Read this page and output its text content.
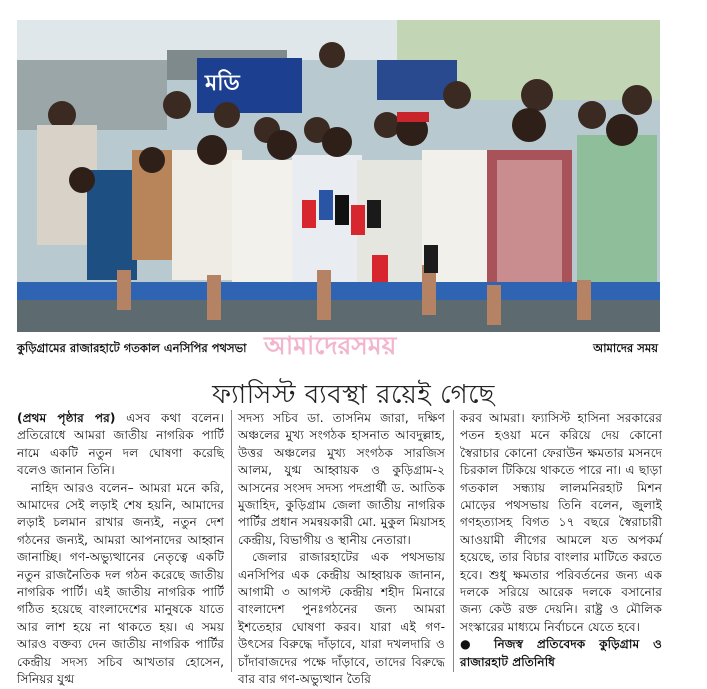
মডি
কুড়িগ্রামের রাজারহাটে গতকাল এনসিপির পথসভা	আমাদের সময়
আমাদেরসময়
ফ্যাসিস্ট ব্যবস্থা রয়েই গেছে

(প্রথম পৃষ্ঠার পর) এসব কথা বলেন। প্রতিরোধে আমরা জাতীয় নাগরিক পার্টি নামে একটি নতুন দল ঘোষণা করেছি বলেও জানান তিনি।

নাহিদ আরও বলেন– আমরা মনে করি, আমাদের সেই লড়াই শেষ হয়নি, আমাদের লড়াই চলমান রাখার জন্যই, নতুন দেশ গঠনের জন্যই, আমরা আপনাদের আহ্বান জানাচ্ছি। গণ-অভ্যুত্থানের নেতৃত্বে একটি নতুন রাজনৈতিক দল গঠন করেছে জাতীয় নাগরিক পার্টি। এই জাতীয় নাগরিক পার্টি গঠিত হয়েছে বাংলাদেশের মানুষকে যাতে আর লাশ হয়ে না থাকতে হয়। এ সময় আরও বক্তব্য দেন জাতীয় নাগরিক পার্টির কেন্দ্রীয় সদস্য সচিব আখতার হোসেন, সিনিয়র যুগ্ম

সদস্য সচিব ডা. তাসনিম জারা, দক্ষিণ অঞ্চলের মুখ্য সংগঠক হাসনাত আবদুল্লাহ, উত্তর অঞ্চলের মুখ্য সংগঠক সারজিস আলম, যুগ্ম আহ্বায়ক ও কুড়িগ্রাম-২ আসনের সংসদ সদস্য পদপ্রার্থী ড. আতিক মুজাহিদ, কুড়িগ্রাম জেলা জাতীয় নাগরিক পার্টির প্রধান সমন্বয়কারী মো. মুকুল মিয়াসহ কেন্দ্রীয়, বিভাগীয় ও স্থানীয় নেতারা।

জেলার রাজারহাটের এক পথসভায় এনসিপির এক কেন্দ্রীয় আহ্বায়ক জানান, আগামী ৩ আগস্ট কেন্দ্রীয় শহীদ মিনারে বাংলাদেশ পুনঃগঠনের জন্য আমরা ইশতেহার ঘোষণা করব। যারা এই গণ-উৎসের বিরুদ্ধে দাঁড়াবে, যারা দখলদারি ও চাঁদাবাজদের পক্ষে দাঁড়াবে, তাদের বিরুদ্ধে বার বার গণ-অভ্যুত্থান তৈরি

করব আমরা। ফ্যাসিস্ট হাসিনা সরকারের পতন হওয়া মনে করিয়ে দেয় কোনো স্বৈরাচার কোনো ফেরাউন ক্ষমতার মসনদে চিরকাল টিকিয়ে থাকতে পারে না। এ ছাড়া গতকাল সন্ধ্যায় লালমনিরহাট মিশন মোড়ের পথসভায় তিনি বলেন, জুলাই গণহত্যাসহ বিগত ১৭ বছরে স্বৈরাচারী আওয়ামী লীগের আমলে যত অপকর্ম হয়েছে, তার বিচার বাংলার মাটিতে করতে হবে। শুধু ক্ষমতার পরিবর্তনের জন্য এক দলকে সরিয়ে আরেক দলকে বসানোর জন্য কেউ রক্ত দেয়নি। রাষ্ট্র ও মৌলিক সংস্কারের মাধ্যমে নির্বাচনে যেতে হবে।

● নিজস্ব প্রতিবেদক কুড়িগ্রাম ও রাজারহাট প্রতিনিধি
